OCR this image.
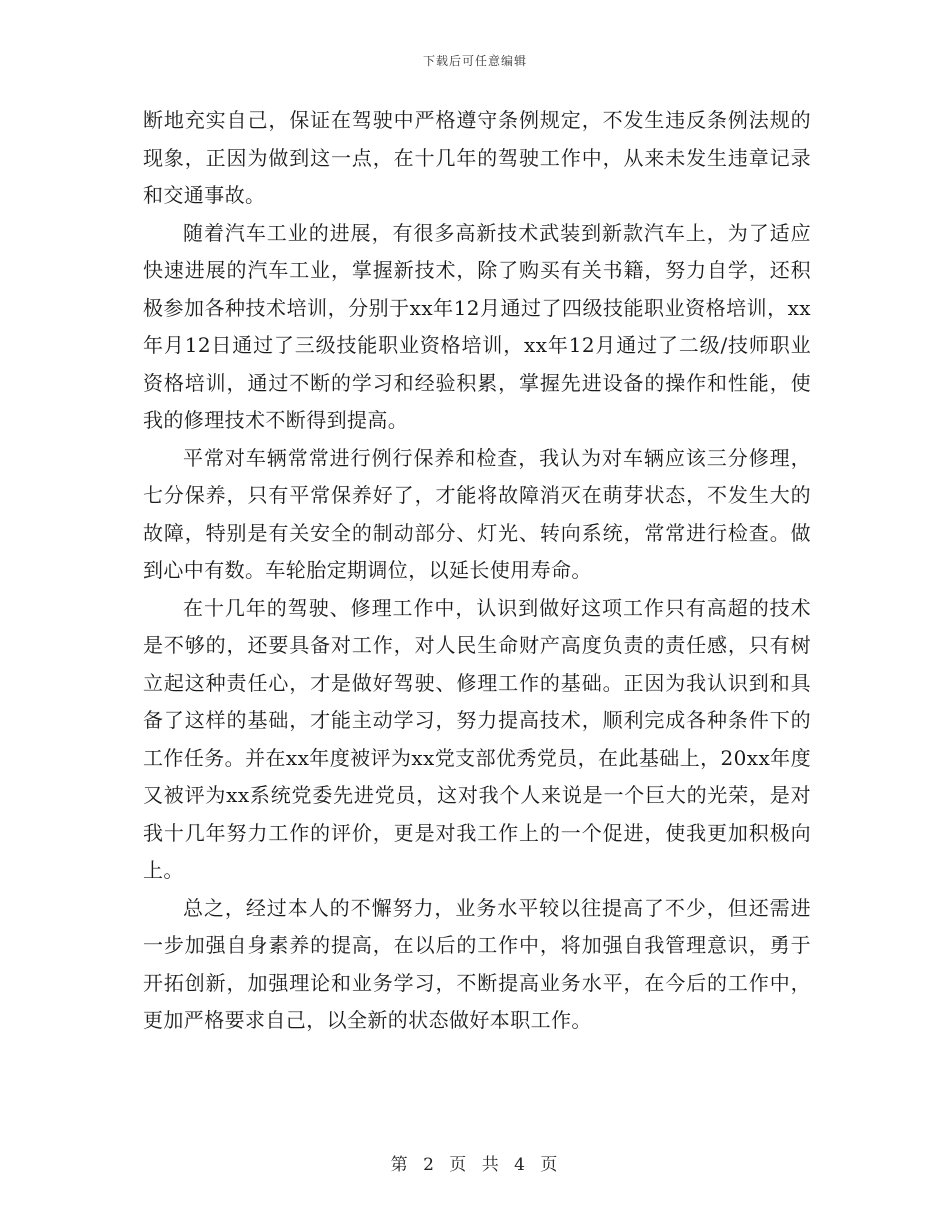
下载后可任意编辑

断地充实自己，保证在驾驶中严格遵守条例规定，不发生违反条例法规的现象，正因为做到这一点，在十几年的驾驶工作中，从来未发生违章记录和交通事故。

随着汽车工业的进展，有很多高新技术武装到新款汽车上，为了适应快速进展的汽车工业，掌握新技术，除了购买有关书籍，努力自学，还积极参加各种技术培训，分别于xx年12月通过了四级技能职业资格培训，xx年月12日通过了三级技能职业资格培训，xx年12月通过了二级/技师职业资格培训，通过不断的学习和经验积累，掌握先进设备的操作和性能，使我的修理技术不断得到提高。

平常对车辆常常进行例行保养和检查，我认为对车辆应该三分修理，七分保养，只有平常保养好了，才能将故障消灭在萌芽状态，不发生大的故障，特别是有关安全的制动部分、灯光、转向系统，常常进行检查。做到心中有数。车轮胎定期调位，以延长使用寿命。

在十几年的驾驶、修理工作中，认识到做好这项工作只有高超的技术是不够的，还要具备对工作，对人民生命财产高度负责的责任感，只有树立起这种责任心，才是做好驾驶、修理工作的基础。正因为我认识到和具备了这样的基础，才能主动学习，努力提高技术，顺利完成各种条件下的工作任务。并在xx年度被评为xx党支部优秀党员，在此基础上，20xx年度又被评为xx系统党委先进党员，这对我个人来说是一个巨大的光荣，是对我十几年努力工作的评价，更是对我工作上的一个促进，使我更加积极向上。

总之，经过本人的不懈努力，业务水平较以往提高了不少，但还需进一步加强自身素养的提高，在以后的工作中，将加强自我管理意识，勇于开拓创新，加强理论和业务学习，不断提高业务水平，在今后的工作中，更加严格要求自己，以全新的状态做好本职工作。

第 2 页 共 4 页
